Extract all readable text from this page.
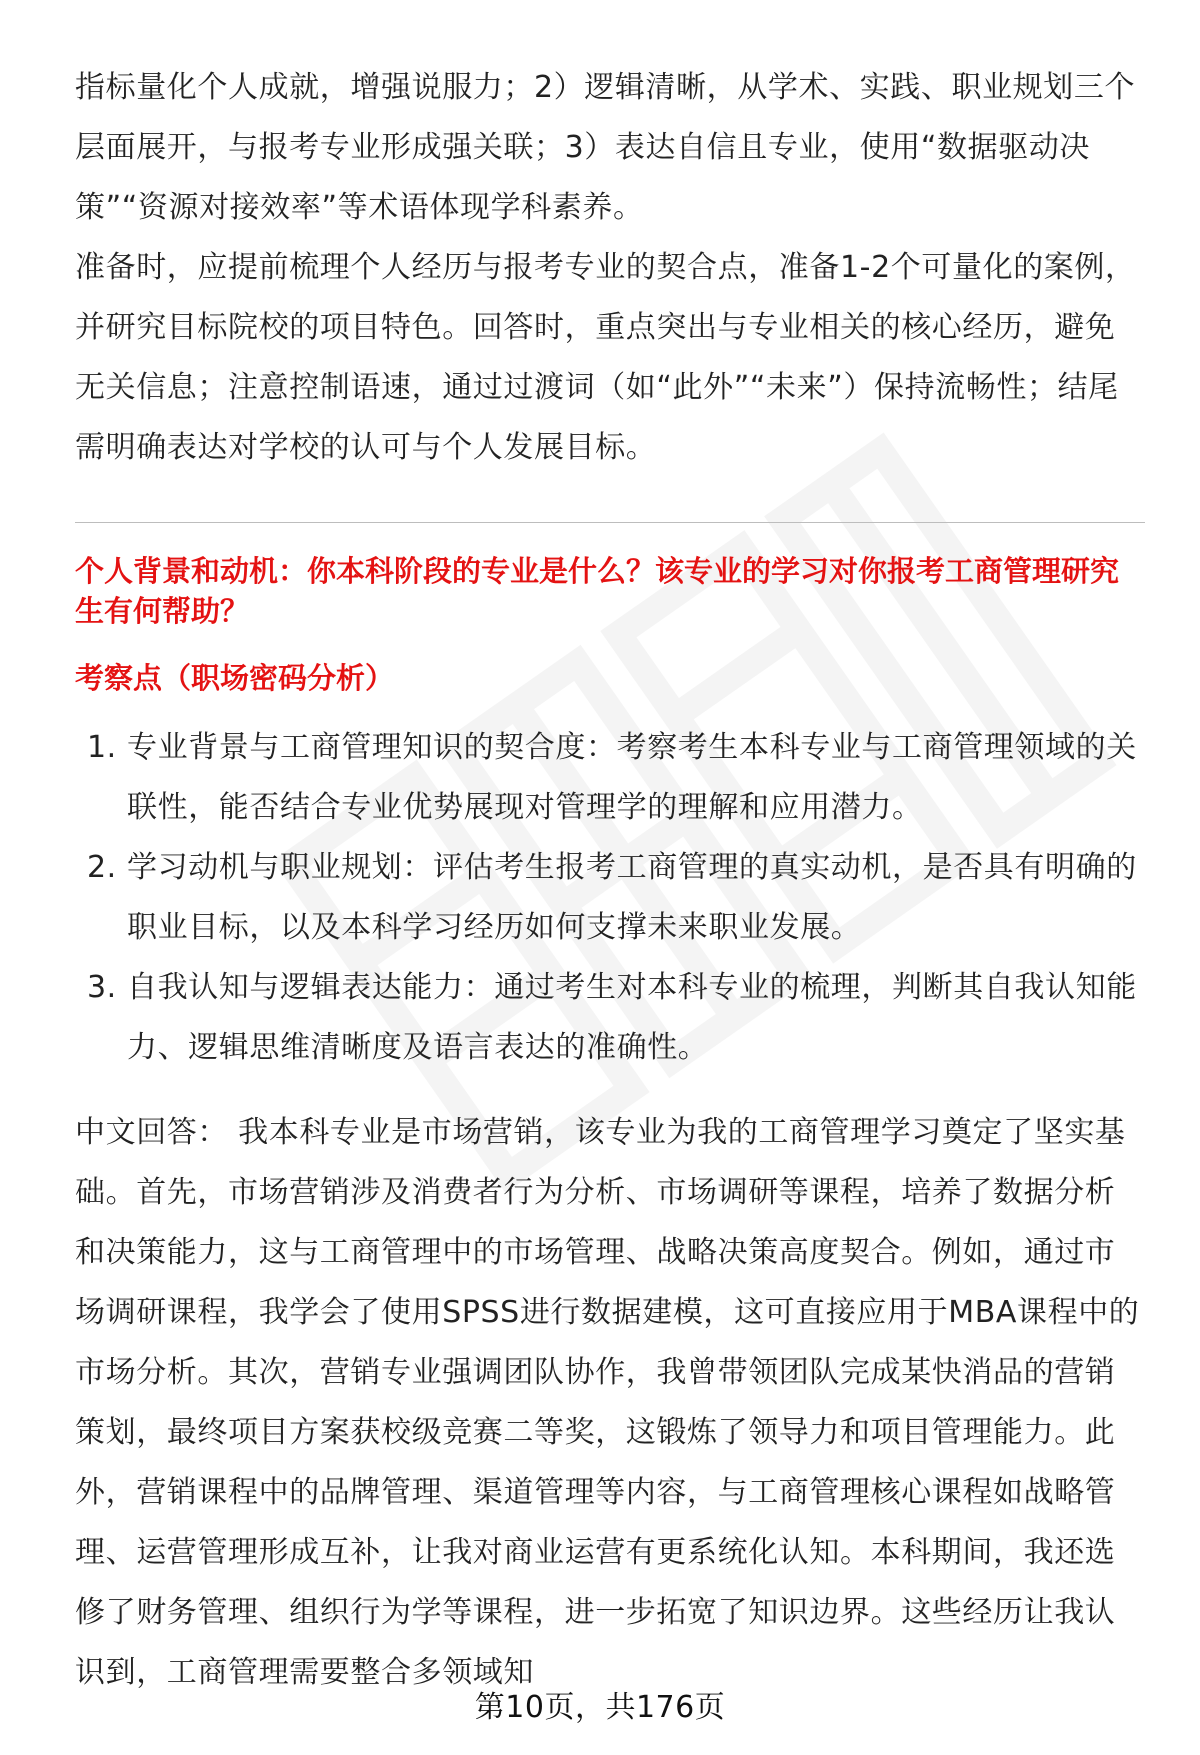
指标量化个人成就，增强说服力；2）逻辑清晰，从学术、实践、职业规划三个层面展开，与报考专业形成强关联；3）表达自信且专业，使用“数据驱动决策”“资源对接效率”等术语体现学科素养。

准备时，应提前梳理个人经历与报考专业的契合点，准备1-2个可量化的案例，并研究目标院校的项目特色。回答时，重点突出与专业相关的核心经历，避免无关信息；注意控制语速，通过过渡词（如“此外”“未来”）保持流畅性；结尾需明确表达对学校的认可与个人发展目标。

个人背景和动机：你本科阶段的专业是什么？该专业的学习对你报考工商管理研究生有何帮助？

考察点（职场密码分析）

1. 专业背景与工商管理知识的契合度：考察考生本科专业与工商管理领域的关联性，能否结合专业优势展现对管理学的理解和应用潜力。
2. 学习动机与职业规划：评估考生报考工商管理的真实动机，是否具有明确的职业目标，以及本科学习经历如何支撑未来职业发展。
3. 自我认知与逻辑表达能力：通过考生对本科专业的梳理，判断其自我认知能力、逻辑思维清晰度及语言表达的准确性。

中文回答： 我本科专业是市场营销，该专业为我的工商管理学习奠定了坚实基础。首先，市场营销涉及消费者行为分析、市场调研等课程，培养了数据分析和决策能力，这与工商管理中的市场管理、战略决策高度契合。例如，通过市场调研课程，我学会了使用SPSS进行数据建模，这可直接应用于MBA课程中的市场分析。其次，营销专业强调团队协作，我曾带领团队完成某快消品的营销策划，最终项目方案获校级竞赛二等奖，这锻炼了领导力和项目管理能力。此外，营销课程中的品牌管理、渠道管理等内容，与工商管理核心课程如战略管理、运营管理形成互补，让我对商业运营有更系统化认知。本科期间，我还选修了财务管理、组织行为学等课程，进一步拓宽了知识边界。这些经历让我认识到，工商管理需要整合多领域知

第10页，共176页
